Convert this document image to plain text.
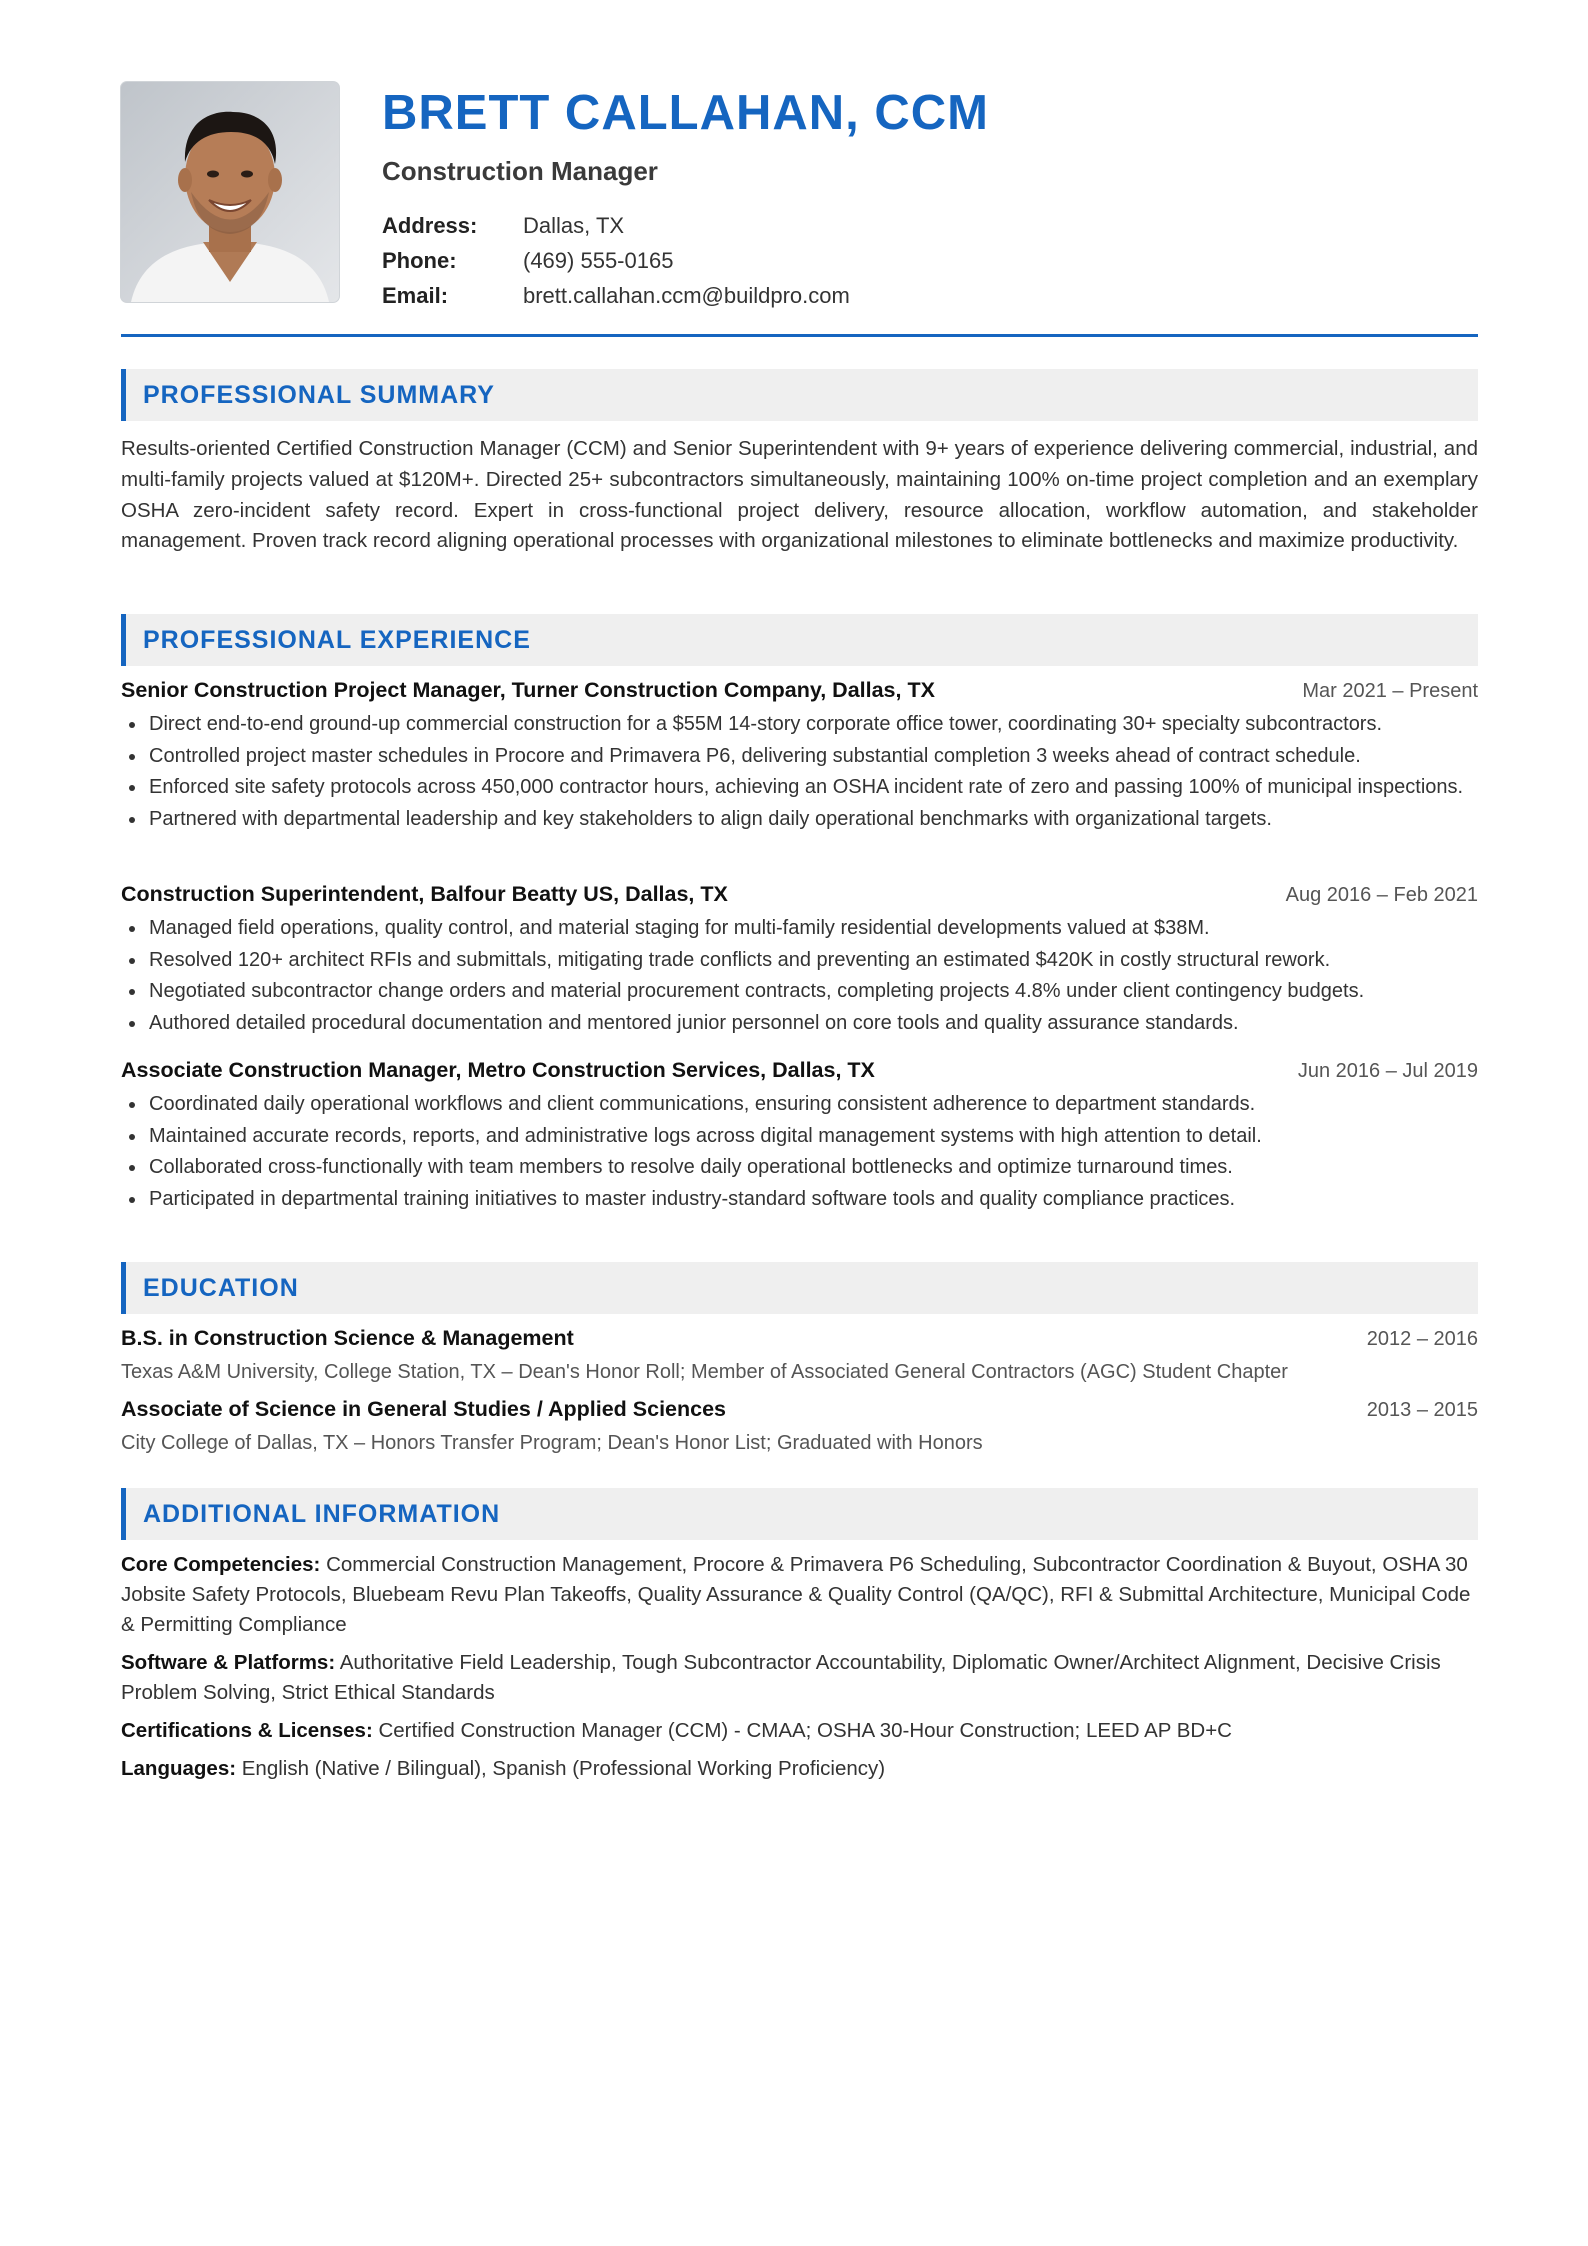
BRETT CALLAHAN, CCM
Construction Manager
Address:	Dallas, TX
Phone:	(469) 555-0165
Email:	brett.callahan.ccm@buildpro.com
PROFESSIONAL SUMMARY

Results-oriented Certified Construction Manager (CCM) and Senior Superintendent with 9+ years of experience delivering commercial, industrial, and multi-family projects valued at $120M+. Directed 25+ subcontractors simultaneously, maintaining 100% on-time project completion and an exemplary OSHA zero-incident safety record. Expert in cross-functional project delivery, resource allocation, workflow automation, and stakeholder management. Proven track record aligning operational processes with organizational milestones to eliminate bottlenecks and maximize productivity.

PROFESSIONAL EXPERIENCE
Senior Construction Project Manager, Turner Construction Company, Dallas, TX	Mar 2021 – Present
Direct end-to-end ground-up commercial construction for a $55M 14-story corporate office tower, coordinating 30+ specialty subcontractors.
Controlled project master schedules in Procore and Primavera P6, delivering substantial completion 3 weeks ahead of contract schedule.
Enforced site safety protocols across 450,000 contractor hours, achieving an OSHA incident rate of zero and passing 100% of municipal inspections.
Partnered with departmental leadership and key stakeholders to align daily operational benchmarks with organizational targets.
Construction Superintendent, Balfour Beatty US, Dallas, TX	Aug 2016 – Feb 2021
Managed field operations, quality control, and material staging for multi-family residential developments valued at $38M.
Resolved 120+ architect RFIs and submittals, mitigating trade conflicts and preventing an estimated $420K in costly structural rework.
Negotiated subcontractor change orders and material procurement contracts, completing projects 4.8% under client contingency budgets.
Authored detailed procedural documentation and mentored junior personnel on core tools and quality assurance standards.
Associate Construction Manager, Metro Construction Services, Dallas, TX	Jun 2016 – Jul 2019
Coordinated daily operational workflows and client communications, ensuring consistent adherence to department standards.
Maintained accurate records, reports, and administrative logs across digital management systems with high attention to detail.
Collaborated cross-functionally with team members to resolve daily operational bottlenecks and optimize turnaround times.
Participated in departmental training initiatives to master industry-standard software tools and quality compliance practices.
EDUCATION
B.S. in Construction Science & Management	2012 – 2016
Texas A&M University, College Station, TX – Dean's Honor Roll; Member of Associated General Contractors (AGC) Student Chapter
Associate of Science in General Studies / Applied Sciences	2013 – 2015
City College of Dallas, TX – Honors Transfer Program; Dean's Honor List; Graduated with Honors
ADDITIONAL INFORMATION
Core Competencies: Commercial Construction Management, Procore & Primavera P6 Scheduling, Subcontractor Coordination & Buyout, OSHA 30 Jobsite Safety Protocols, Bluebeam Revu Plan Takeoffs, Quality Assurance & Quality Control (QA/QC), RFI & Submittal Architecture, Municipal Code & Permitting Compliance
Software & Platforms: Authoritative Field Leadership, Tough Subcontractor Accountability, Diplomatic Owner/Architect Alignment, Decisive Crisis Problem Solving, Strict Ethical Standards
Certifications & Licenses: Certified Construction Manager (CCM) - CMAA; OSHA 30-Hour Construction; LEED AP BD+C
Languages: English (Native / Bilingual), Spanish (Professional Working Proficiency)
